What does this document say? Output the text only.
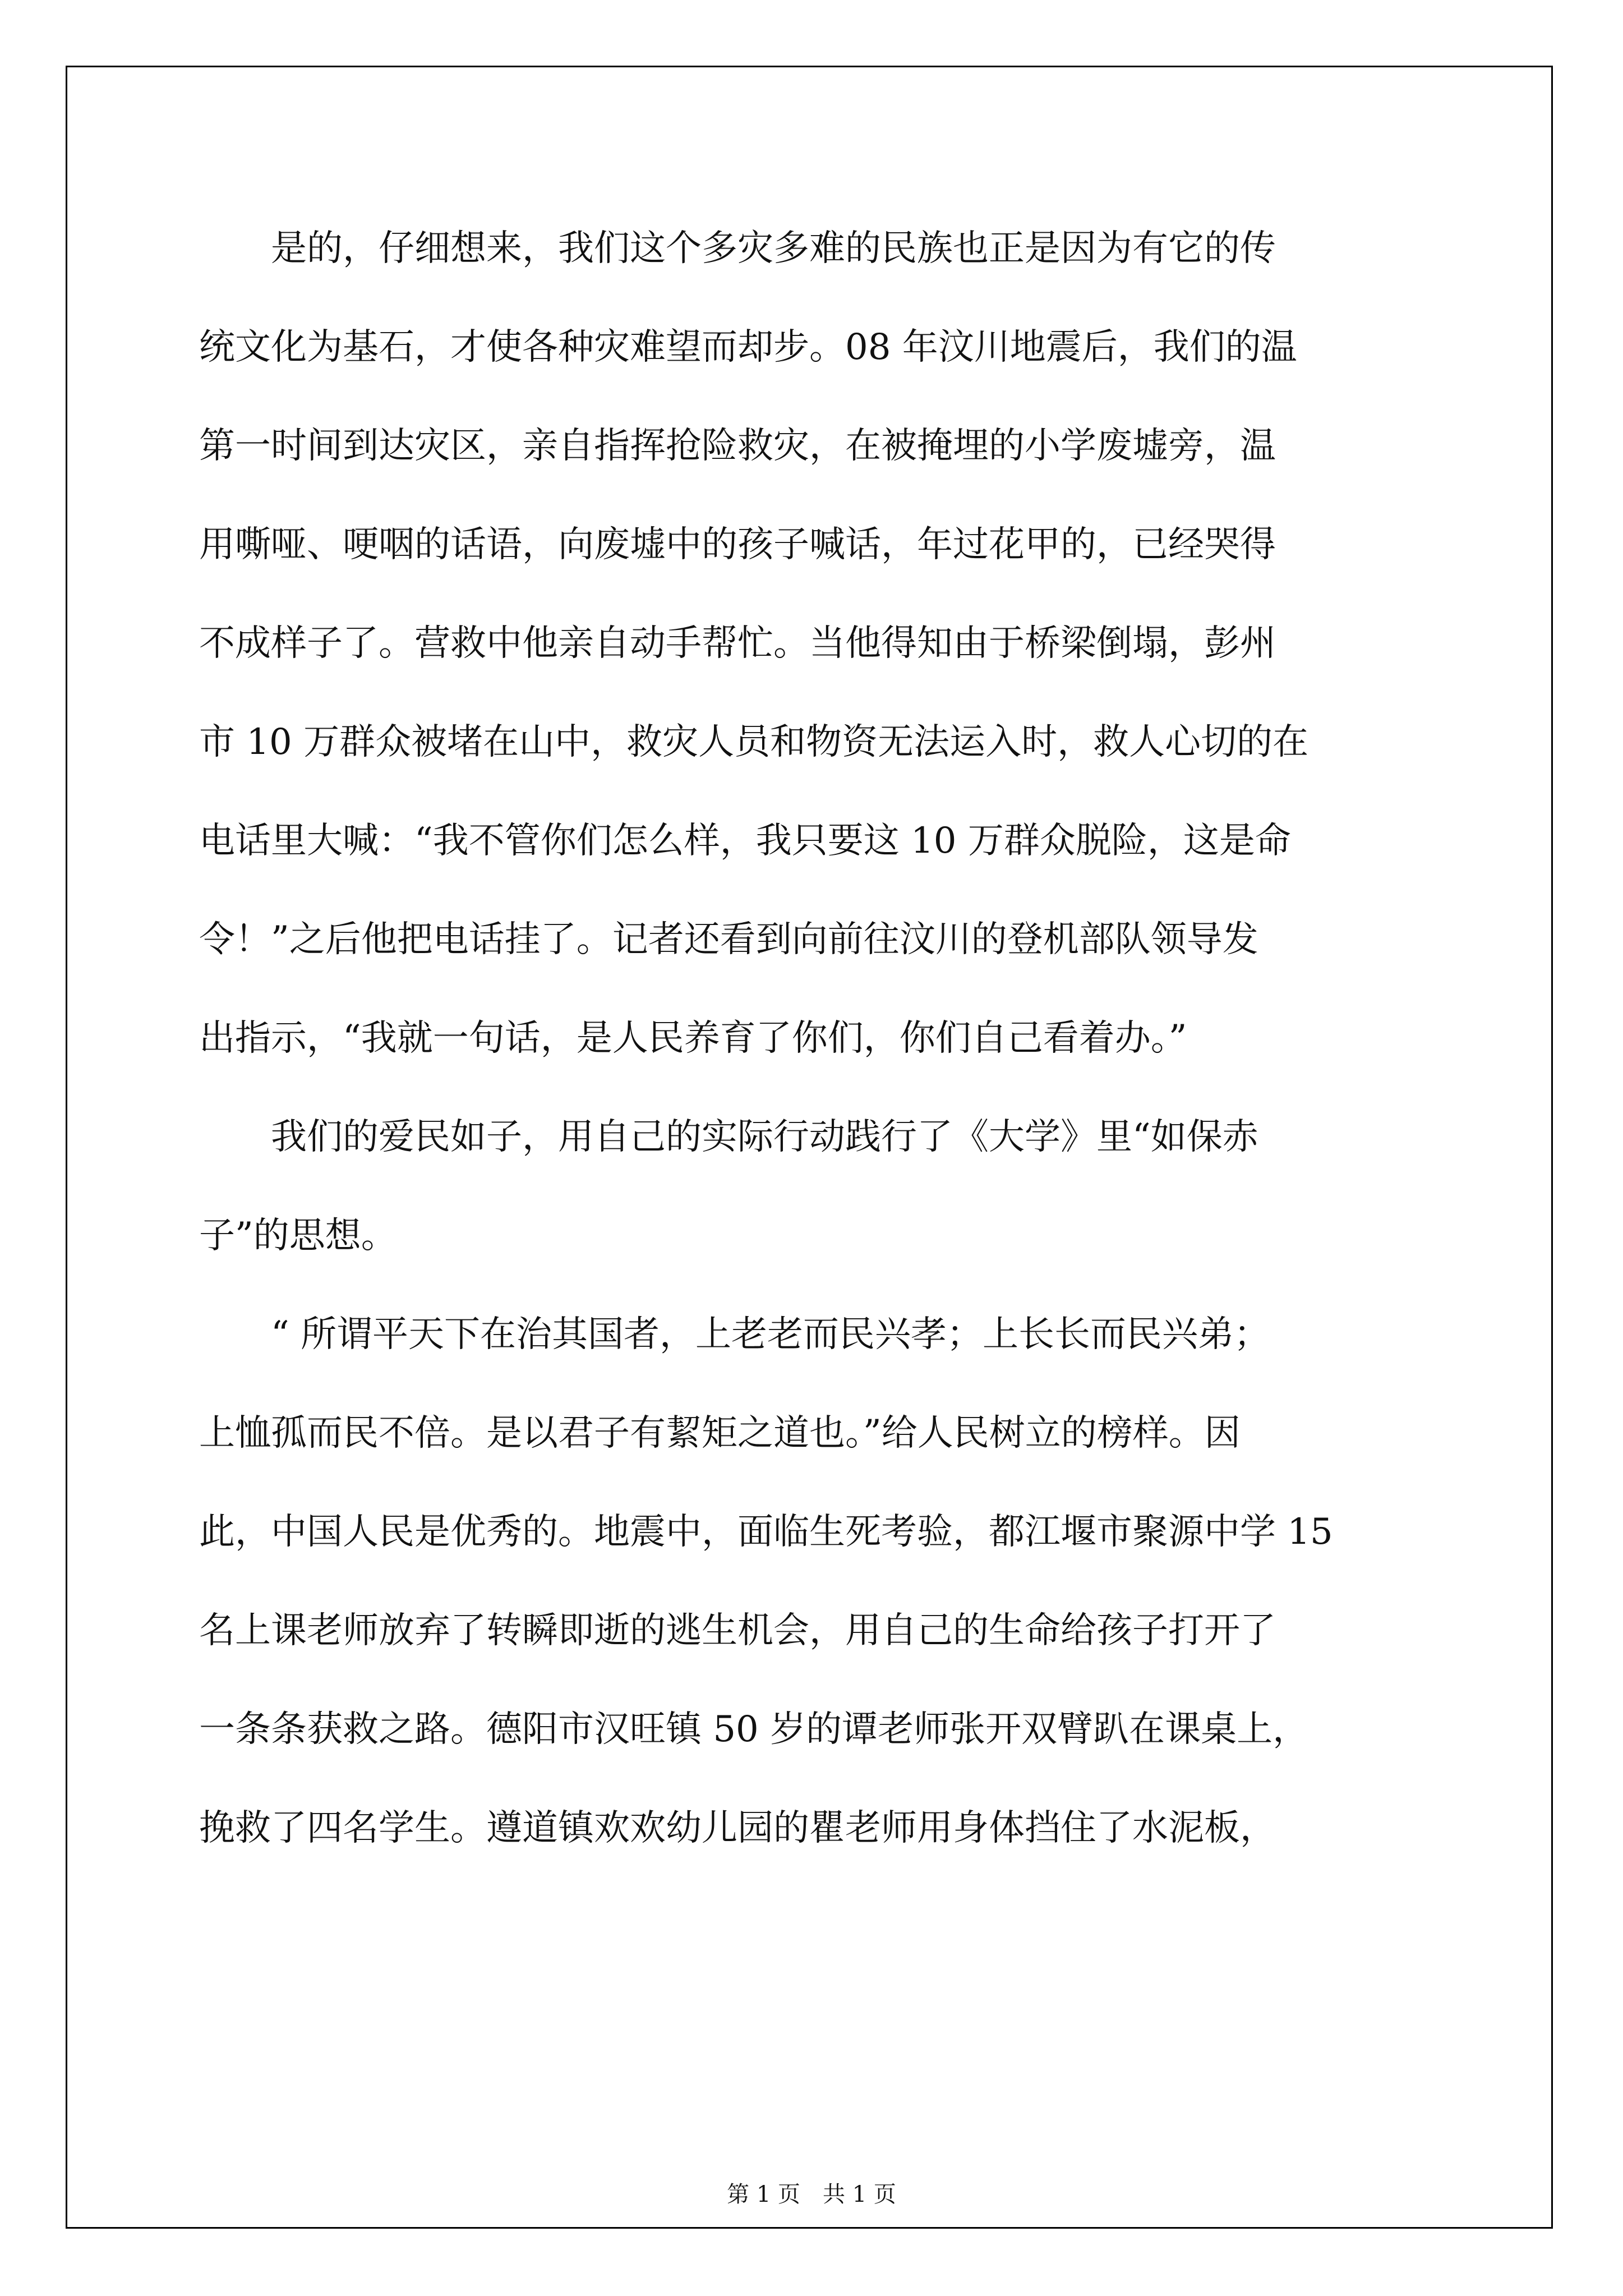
是的，仔细想来，我们这个多灾多难的民族也正是因为有它的传
统文化为基石，才使各种灾难望而却步。08 年汶川地震后，我们的温
第一时间到达灾区，亲自指挥抢险救灾，在被掩埋的小学废墟旁，温
用嘶哑、哽咽的话语，向废墟中的孩子喊话，年过花甲的，已经哭得
不成样子了。营救中他亲自动手帮忙。当他得知由于桥梁倒塌，彭州
市 10 万群众被堵在山中，救灾人员和物资无法运入时，救人心切的在
电话里大喊：“我不管你们怎么样，我只要这 10 万群众脱险，这是命
令！”之后他把电话挂了。记者还看到向前往汶川的登机部队领导发
出指示，“我就一句话，是人民养育了你们，你们自己看着办。”
我们的爱民如子，用自己的实际行动践行了《大学》里“如保赤
子”的思想。
“ 所谓平天下在治其国者，上老老而民兴孝；上长长而民兴弟；
上恤孤而民不倍。是以君子有絜矩之道也。”给人民树立的榜样。因
此，中国人民是优秀的。地震中，面临生死考验，都江堰市聚源中学 15
名上课老师放弃了转瞬即逝的逃生机会，用自己的生命给孩子打开了
一条条获救之路。德阳市汉旺镇 50 岁的谭老师张开双臂趴在课桌上，
挽救了四名学生。遵道镇欢欢幼儿园的瞿老师用身体挡住了水泥板，
第 1 页　共 1 页
